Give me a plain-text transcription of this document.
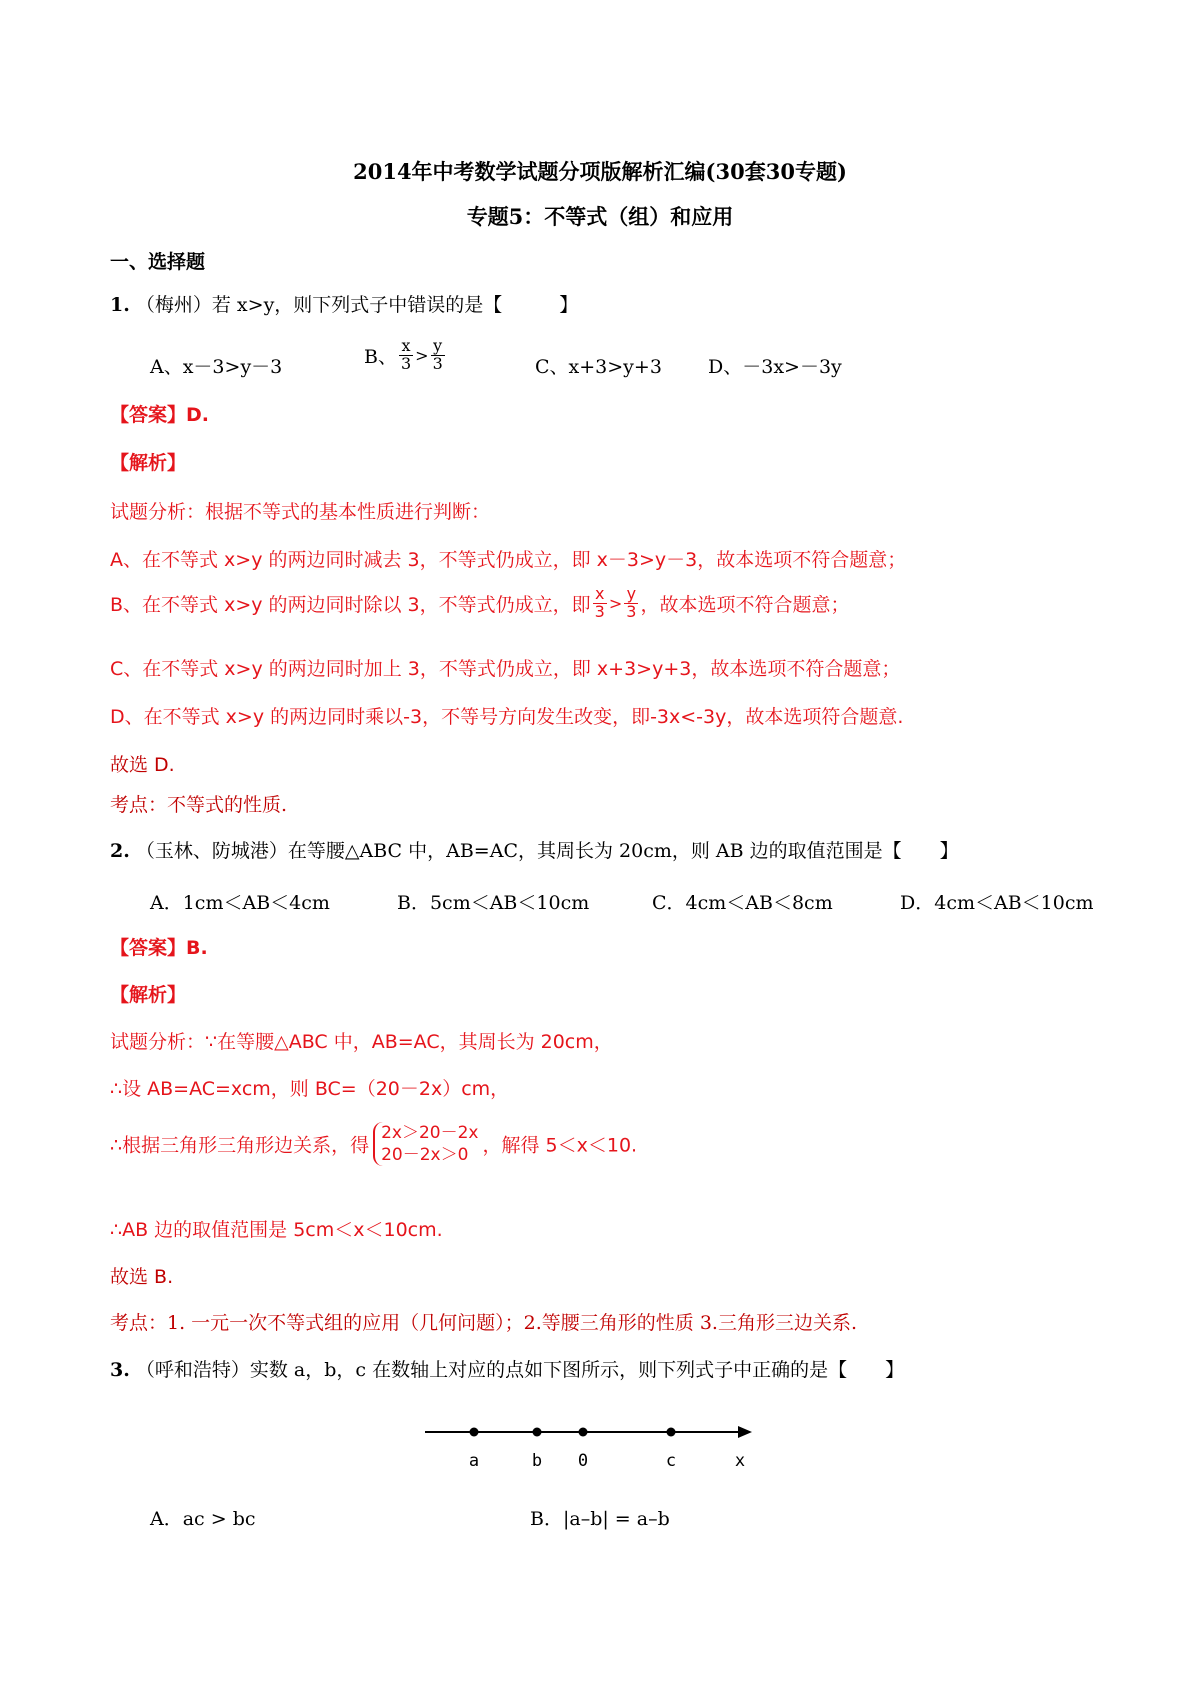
2014年中考数学试题分项版解析汇编(30套30专题)
专题5：不等式（组）和应用
一、选择题
1. （梅州）若 x>y，则下列式子中错误的是【　　　】
A、x－3>y－3	B、 $\frac{x}{3} > \frac{y}{3}$	C、x+3>y+3 D、－3x>－3y
【答案】D.
【解析】
试题分析：根据不等式的基本性质进行判断：
A、在不等式 x>y 的两边同时减去 3，不等式仍成立，即 x－3>y－3，故本选项不符合题意；
B、在不等式 x>y 的两边同时除以 3，不等式仍成立，即 $\frac{x}{3} > \frac{y}{3}$ ，故本选项不符合题意；
C、在不等式 x>y 的两边同时加上 3，不等式仍成立，即 x+3>y+3，故本选项不符合题意；
D、在不等式 x>y 的两边同时乘以-3，不等号方向发生改变，即-3x<-3y，故本选项符合题意.
故选 D.
考点：不等式的性质.
2. （玉林、防城港）在等腰△ABC 中，AB=AC，其周长为 20cm，则 AB 边的取值范围是【　　】
A．1cm＜AB＜4cm	B．5cm＜AB＜10cm	C．4cm＜AB＜8cm	D．4cm＜AB＜10cm
【答案】B.
【解析】
试题分析：∵在等腰△ABC 中，AB=AC，其周长为 20cm，
∴设 AB=AC=xcm，则 BC=（20－2x）cm，
∴根据三角形三角形边关系，得
2x＞20－2x
20－2x＞0 ，解得 5＜x＜10.
∴AB 边的取值范围是 5cm＜x＜10cm.
故选 B.
考点：1. 一元一次不等式组的应用（几何问题）；2.等腰三角形的性质 3.三角形三边关系.
3. （呼和浩特）实数 a，b，c 在数轴上对应的点如下图所示，则下列式子中正确的是【　　】
a	b 0	c	x
A．ac > bc	B．|a–b| = a–b
